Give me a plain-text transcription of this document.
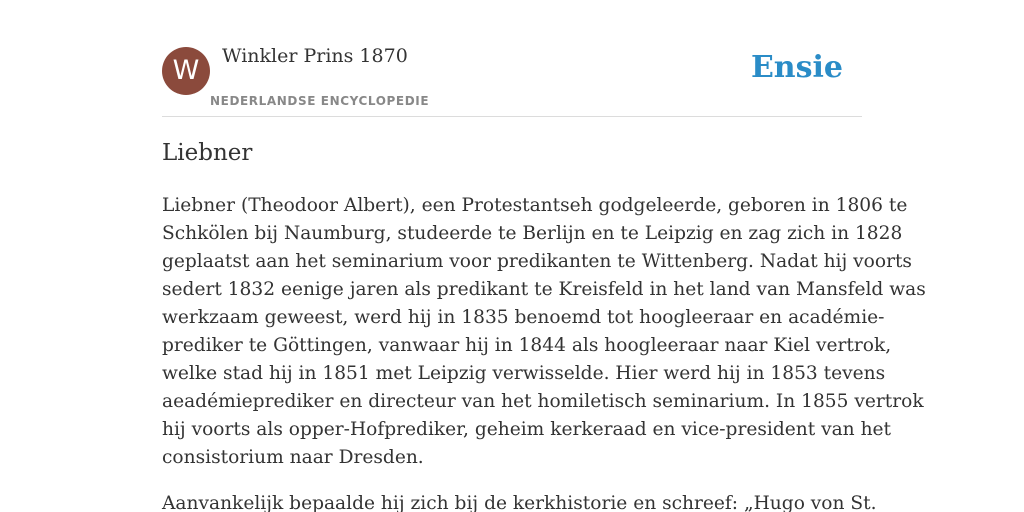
W	Winkler Prins 1870
NEDERLANDSE ENCYCLOPEDIE
Ensie
Liebner

Liebner (Theodoor Albert), een Protestantseh godgeleerde, geboren in 1806 te
Schkölen bij Naumburg, studeerde te Berlijn en te Leipzig en zag zich in 1828
geplaatst aan het seminarium voor predikanten te Wittenberg. Nadat hij voorts
sedert 1832 eenige jaren als predikant te Kreisfeld in het land van Mansfeld was
werkzaam geweest, werd hij in 1835 benoemd tot hoogleeraar en académie-
prediker te Göttingen, vanwaar hij in 1844 als hoogleeraar naar Kiel vertrok,
welke stad hij in 1851 met Leipzig verwisselde. Hier werd hij in 1853 tevens
aeadémieprediker en directeur van het homiletisch seminarium. In 1855 vertrok
hij voorts als opper-Hofprediker, geheim kerkeraad en vice-president van het
consistorium naar Dresden.

Aanvankelijk bepaalde hij zich bij de kerkhistorie en schreef: „Hugo von St.
